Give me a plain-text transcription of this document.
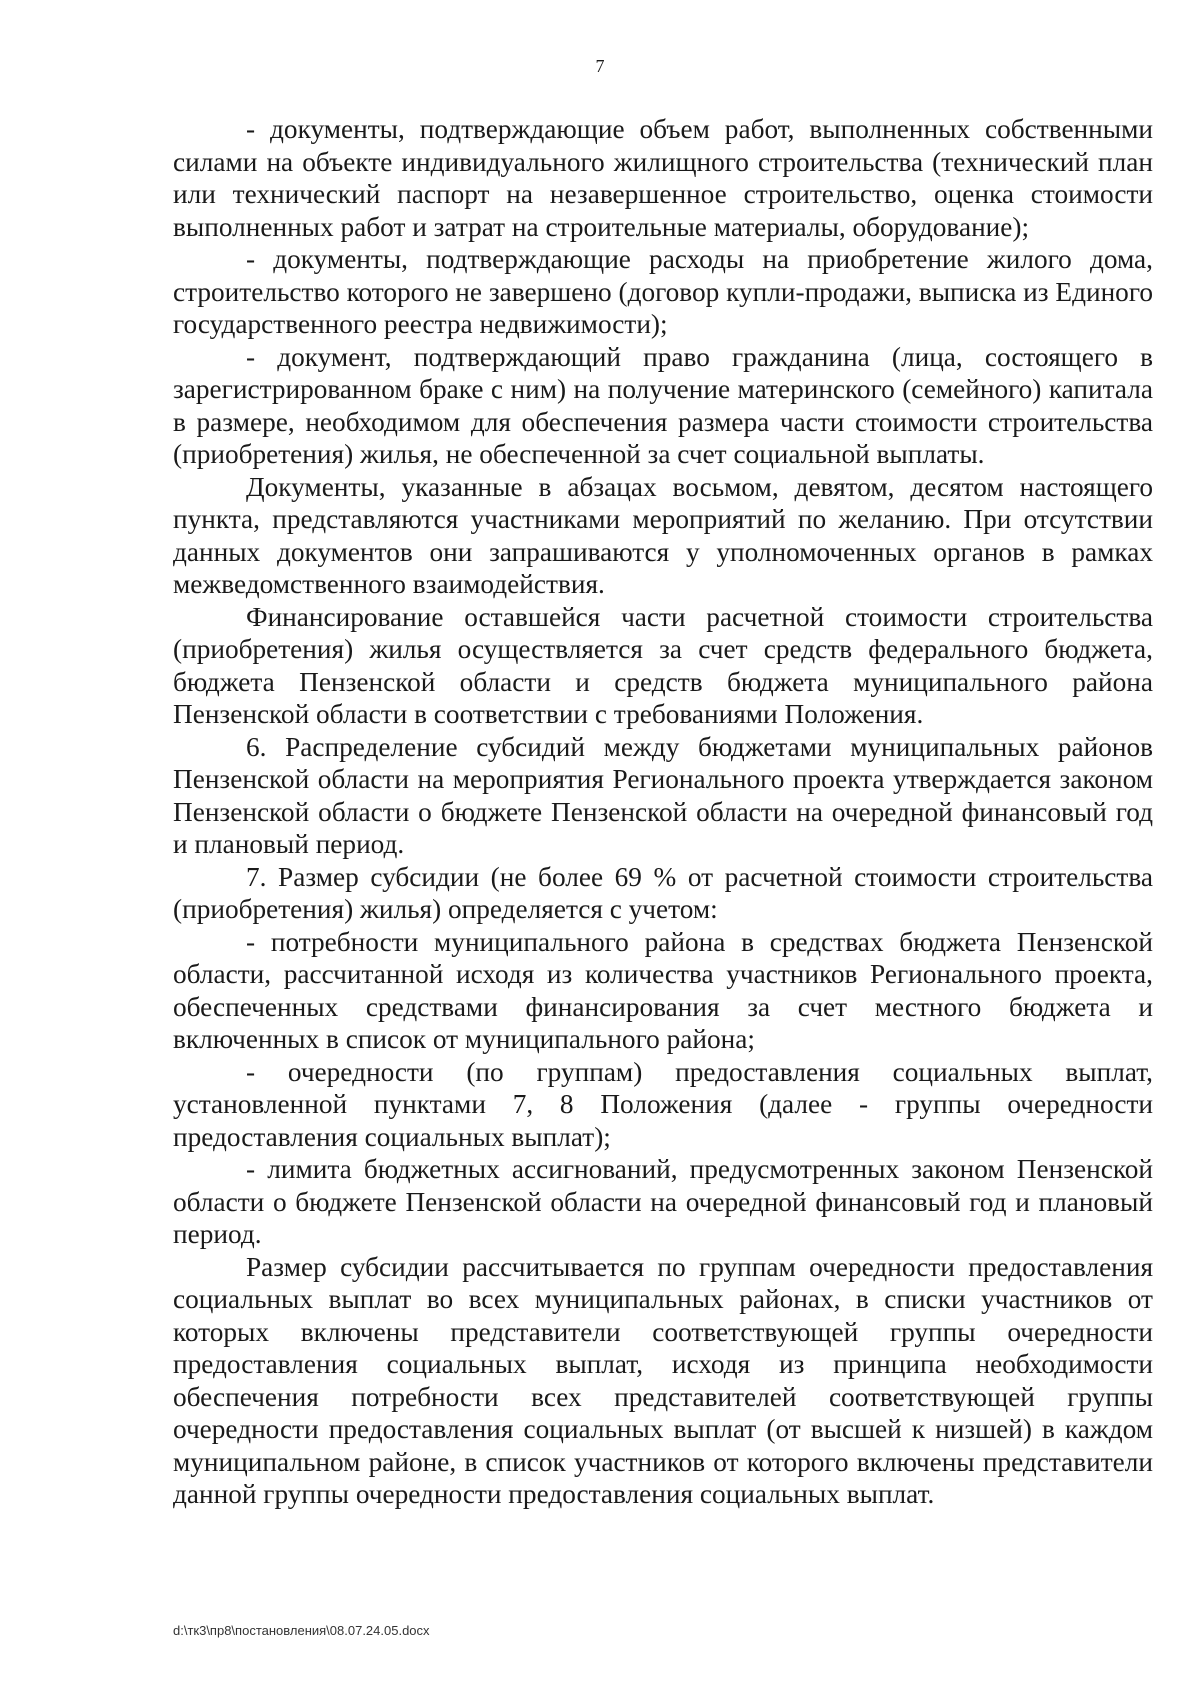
7

- документы, подтверждающие объем работ, выполненных собственными силами на объекте индивидуального жилищного строительства (технический план или технический паспорт на незавершенное строительство, оценка стоимости выполненных работ и затрат на строительные материалы, оборудование);

- документы, подтверждающие расходы на приобретение жилого дома, строительство которого не завершено (договор купли-продажи, выписка из Единого государственного реестра недвижимости);

- документ, подтверждающий право гражданина (лица, состоящего в зарегистрированном браке с ним) на получение материнского (семейного) капитала в размере, необходимом для обеспечения размера части стоимости строительства (приобретения) жилья, не обеспеченной за счет социальной выплаты.

Документы, указанные в абзацах восьмом, девятом, десятом настоящего пункта, представляются участниками мероприятий по желанию. При отсутствии данных документов они запрашиваются у уполномоченных органов в рамках межведомственного взаимодействия.

Финансирование оставшейся части расчетной стоимости строительства (приобретения) жилья осуществляется за счет средств федерального бюджета, бюджета Пензенской области и средств бюджета муниципального района Пензенской области в соответствии с требованиями Положения.

6. Распределение субсидий между бюджетами муниципальных районов Пензенской области на мероприятия Регионального проекта утверждается законом Пензенской области о бюджете Пензенской области на очередной финансовый год и плановый период.

7. Размер субсидии (не более 69 % от расчетной стоимости строительства (приобретения) жилья) определяется с учетом:

- потребности муниципального района в средствах бюджета Пензенской области, рассчитанной исходя из количества участников Регионального проекта, обеспеченных средствами финансирования за счет местного бюджета и включенных в список от муниципального района;

- очередности (по группам) предоставления социальных выплат, установленной пунктами 7, 8 Положения (далее - группы очередности предоставления социальных выплат);

- лимита бюджетных ассигнований, предусмотренных законом Пензенской области о бюджете Пензенской области на очередной финансовый год и плановый период.

Размер субсидии рассчитывается по группам очередности предоставления социальных выплат во всех муниципальных районах, в списки участников от которых включены представители соответствующей группы очередности предоставления социальных выплат, исходя из принципа необходимости обеспечения потребности всех представителей соответствующей группы очередности предоставления социальных выплат (от высшей к низшей) в каждом муниципальном районе, в список участников от которого включены представители данной группы очередности предоставления социальных выплат.

d:\тк3\пр8\постановления\08.07.24.05.docx
